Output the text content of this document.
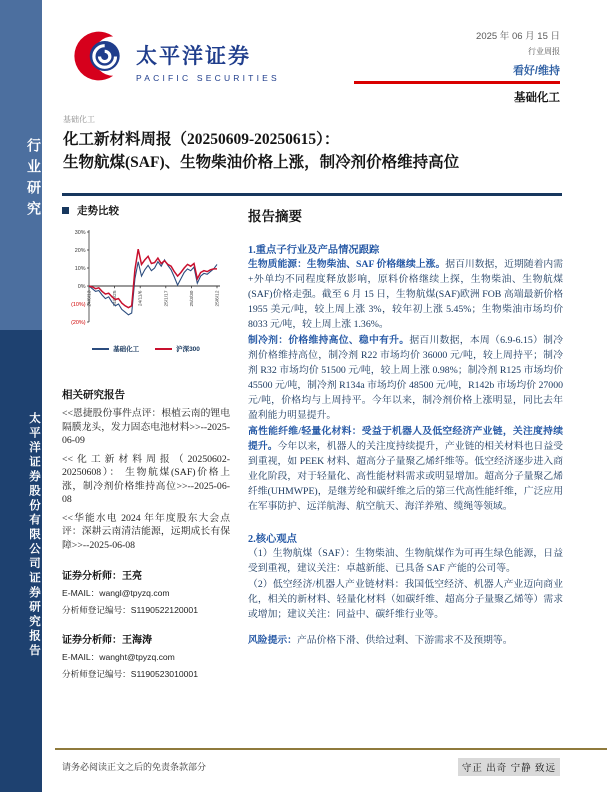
行业研究
太平洋证券股份有限公司证券研究报告
太平洋证券
PACIFIC SECURITIES
2025 年 06 月 15 日
行业周报
看好/维持
基础化工
基础化工
化工新材料周报（20250609-20250615）：
生物航煤(SAF)、生物柴油价格上涨，制冷剂价格维持高位
走势比较
30%
20%
10%
0%
(10%)
(20%)
24/6/13	24/8/25	24/11/6	25/1/17	25/3/30	25/6/12
基础化工	沪深300
相关研究报告
<<恩捷股份事件点评：根植云南的锂电隔膜龙头，发力固态电池材料>>--2025-06-09
<<化工新材料周报（20250602-20250608）： 生物航煤(SAF)价格上涨，制冷剂价格维持高位>>--2025-06-08
<<华能水电 2024 年年度股东大会点评：深耕云南清洁能源，远期成长有保障>>--2025-06-08
证券分析师：王亮
E-MAIL：wangl@tpyzq.com
分析师登记编号：S1190522120001
证券分析师：王海涛
E-MAIL：wanght@tpyzq.com
分析师登记编号：S1190523010001
报告摘要
1.重点子行业及产品情况跟踪
生物质能源：生物柴油、SAF 价格继续上涨。据百川数据，近期随着内需+外单均不同程度释放影响，原料价格继续上探，生物柴油、生物航煤(SAF)价格走强。截至 6 月 15 日，生物航煤(SAF)欧洲 FOB 高端最新价格 1955 美元/吨，较上周上涨 3%，较年初上涨 5.45%；生物柴油市场均价 8033 元/吨，较上周上涨 1.36%。
制冷剂：价格维持高位、稳中有升。据百川数据，本周（6.9-6.15）制冷剂价格维持高位，制冷剂 R22 市场均价 36000 元/吨，较上周持平；制冷剂 R32 市场均价 51500 元/吨，较上周上涨 0.98%；制冷剂 R125 市场均价 45500 元/吨，制冷剂 R134a 市场均价 48500 元/吨，R142b 市场均价 27000 元/吨，价格均与上周持平。今年以来，制冷剂价格上涨明显，同比去年盈利能力明显提升。
高性能纤维/轻量化材料：受益于机器人及低空经济产业链，关注度持续提升。今年以来，机器人的关注度持续提升，产业链的相关材料也日益受到重视，如 PEEK 材料、超高分子量聚乙烯纤维等。低空经济逐步进入商业化阶段，对于轻量化、高性能材料需求或明显增加。超高分子量聚乙烯纤维(UHMWPE)，是继芳纶和碳纤维之后的第三代高性能纤维，广泛应用在军事防护、远洋航海、航空航天、海洋养殖、缆绳等领域。
2.核心观点
（1）生物航煤（SAF）：生物柴油、生物航煤作为可再生绿色能源，日益受到重视，建议关注：卓越新能、已具备 SAF 产能的公司等。
（2）低空经济/机器人产业链材料：我国低空经济、机器人产业迈向商业化，相关的新材料、轻量化材料（如碳纤维、超高分子量聚乙烯等）需求或增加；建议关注：同益中、碳纤维行业等。
风险提示：产品价格下滑、供给过剩、下游需求不及预期等。
请务必阅读正文之后的免责条款部分	守正 出奇 宁静 致远
